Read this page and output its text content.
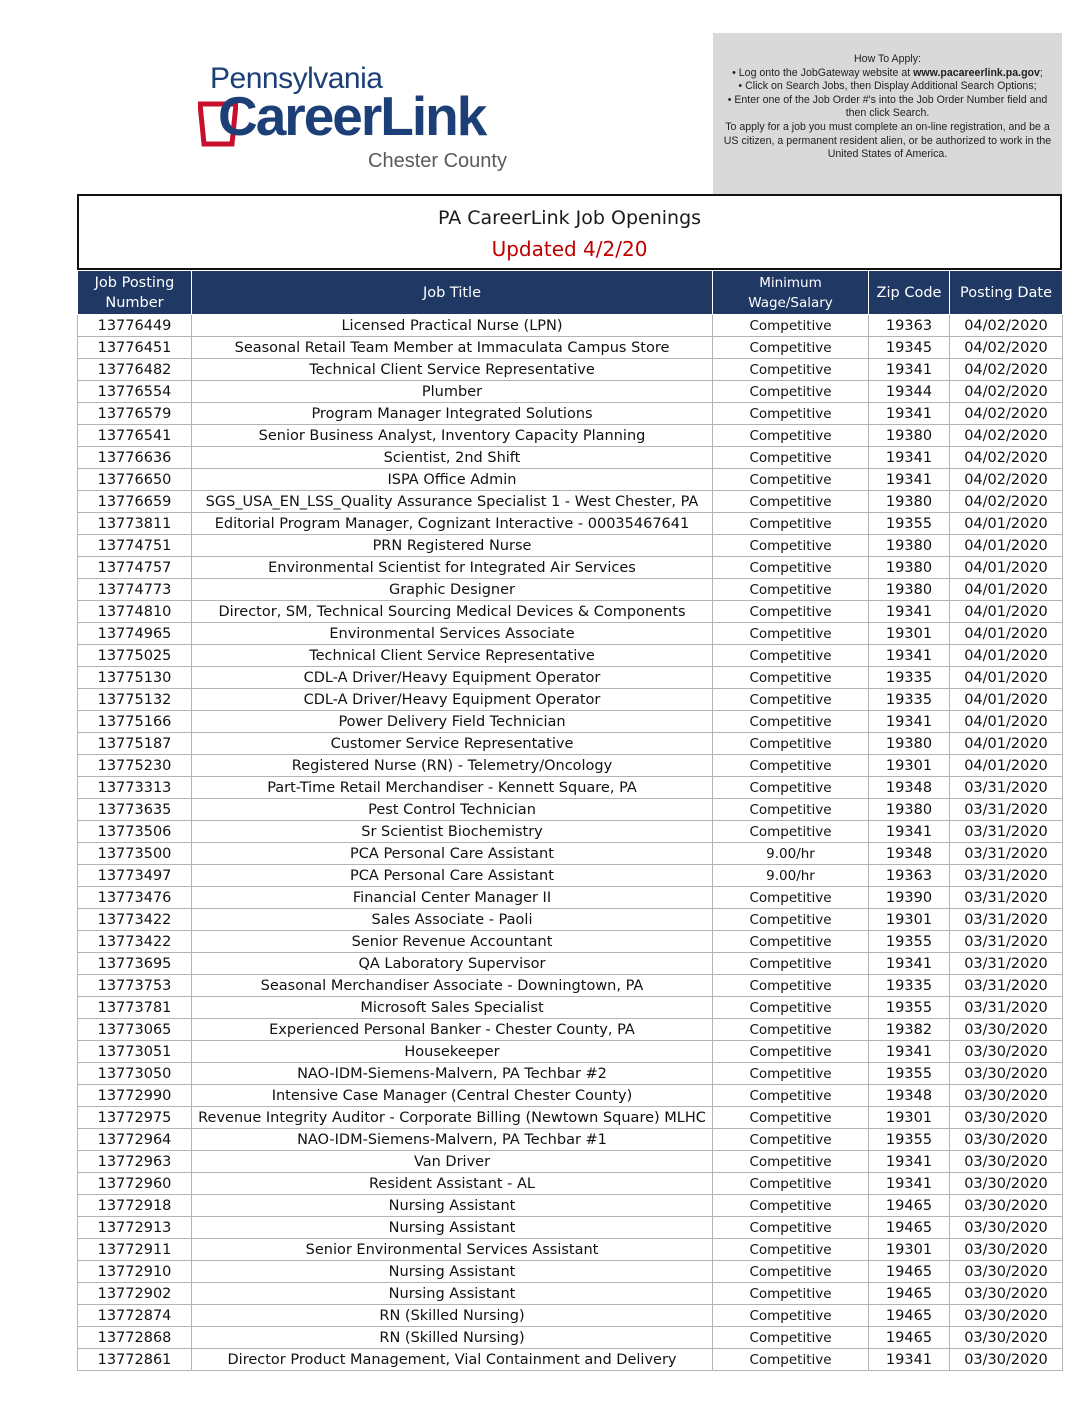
Pennsylvania
CareerLink
Chester County
How To Apply:
• Log onto the JobGateway website at www.pacareerlink.pa.gov;
• Click on Search Jobs, then Display Additional Search Options;
• Enter one of the Job Order #'s into the Job Order Number field and then click Search.
To apply for a job you must complete an on-line registration, and be a US citizen, a permanent resident alien, or be authorized to work in the United States of America.
PA CareerLink Job Openings
Updated 4/2/20
Job Posting Number	Job Title	Minimum Wage/Salary	Zip Code	Posting Date
13776449	Licensed Practical Nurse (LPN)	Competitive	19363	04/02/2020
13776451	Seasonal Retail Team Member at Immaculata Campus Store	Competitive	19345	04/02/2020
13776482	Technical Client Service Representative	Competitive	19341	04/02/2020
13776554	Plumber	Competitive	19344	04/02/2020
13776579	Program Manager Integrated Solutions	Competitive	19341	04/02/2020
13776541	Senior Business Analyst, Inventory Capacity Planning	Competitive	19380	04/02/2020
13776636	Scientist, 2nd Shift	Competitive	19341	04/02/2020
13776650	ISPA Office Admin	Competitive	19341	04/02/2020
13776659	SGS_USA_EN_LSS_Quality Assurance Specialist 1 - West Chester, PA	Competitive	19380	04/02/2020
13773811	Editorial Program Manager, Cognizant Interactive - 00035467641	Competitive	19355	04/01/2020
13774751	PRN Registered Nurse	Competitive	19380	04/01/2020
13774757	Environmental Scientist for Integrated Air Services	Competitive	19380	04/01/2020
13774773	Graphic Designer	Competitive	19380	04/01/2020
13774810	Director, SM, Technical Sourcing Medical Devices & Components	Competitive	19341	04/01/2020
13774965	Environmental Services Associate	Competitive	19301	04/01/2020
13775025	Technical Client Service Representative	Competitive	19341	04/01/2020
13775130	CDL-A Driver/Heavy Equipment Operator	Competitive	19335	04/01/2020
13775132	CDL-A Driver/Heavy Equipment Operator	Competitive	19335	04/01/2020
13775166	Power Delivery Field Technician	Competitive	19341	04/01/2020
13775187	Customer Service Representative	Competitive	19380	04/01/2020
13775230	Registered Nurse (RN) - Telemetry/Oncology	Competitive	19301	04/01/2020
13773313	Part-Time Retail Merchandiser - Kennett Square, PA	Competitive	19348	03/31/2020
13773635	Pest Control Technician	Competitive	19380	03/31/2020
13773506	Sr Scientist Biochemistry	Competitive	19341	03/31/2020
13773500	PCA Personal Care Assistant	9.00/hr	19348	03/31/2020
13773497	PCA Personal Care Assistant	9.00/hr	19363	03/31/2020
13773476	Financial Center Manager II	Competitive	19390	03/31/2020
13773422	Sales Associate - Paoli	Competitive	19301	03/31/2020
13773422	Senior Revenue Accountant	Competitive	19355	03/31/2020
13773695	QA Laboratory Supervisor	Competitive	19341	03/31/2020
13773753	Seasonal Merchandiser Associate - Downingtown, PA	Competitive	19335	03/31/2020
13773781	Microsoft Sales Specialist	Competitive	19355	03/31/2020
13773065	Experienced Personal Banker - Chester County, PA	Competitive	19382	03/30/2020
13773051	Housekeeper	Competitive	19341	03/30/2020
13773050	NAO-IDM-Siemens-Malvern, PA Techbar #2	Competitive	19355	03/30/2020
13772990	Intensive Case Manager (Central Chester County)	Competitive	19348	03/30/2020
13772975	Revenue Integrity Auditor - Corporate Billing (Newtown Square) MLHC	Competitive	19301	03/30/2020
13772964	NAO-IDM-Siemens-Malvern, PA Techbar #1	Competitive	19355	03/30/2020
13772963	Van Driver	Competitive	19341	03/30/2020
13772960	Resident Assistant - AL	Competitive	19341	03/30/2020
13772918	Nursing Assistant	Competitive	19465	03/30/2020
13772913	Nursing Assistant	Competitive	19465	03/30/2020
13772911	Senior Environmental Services Assistant	Competitive	19301	03/30/2020
13772910	Nursing Assistant	Competitive	19465	03/30/2020
13772902	Nursing Assistant	Competitive	19465	03/30/2020
13772874	RN (Skilled Nursing)	Competitive	19465	03/30/2020
13772868	RN (Skilled Nursing)	Competitive	19465	03/30/2020
13772861	Director Product Management, Vial Containment and Delivery	Competitive	19341	03/30/2020
